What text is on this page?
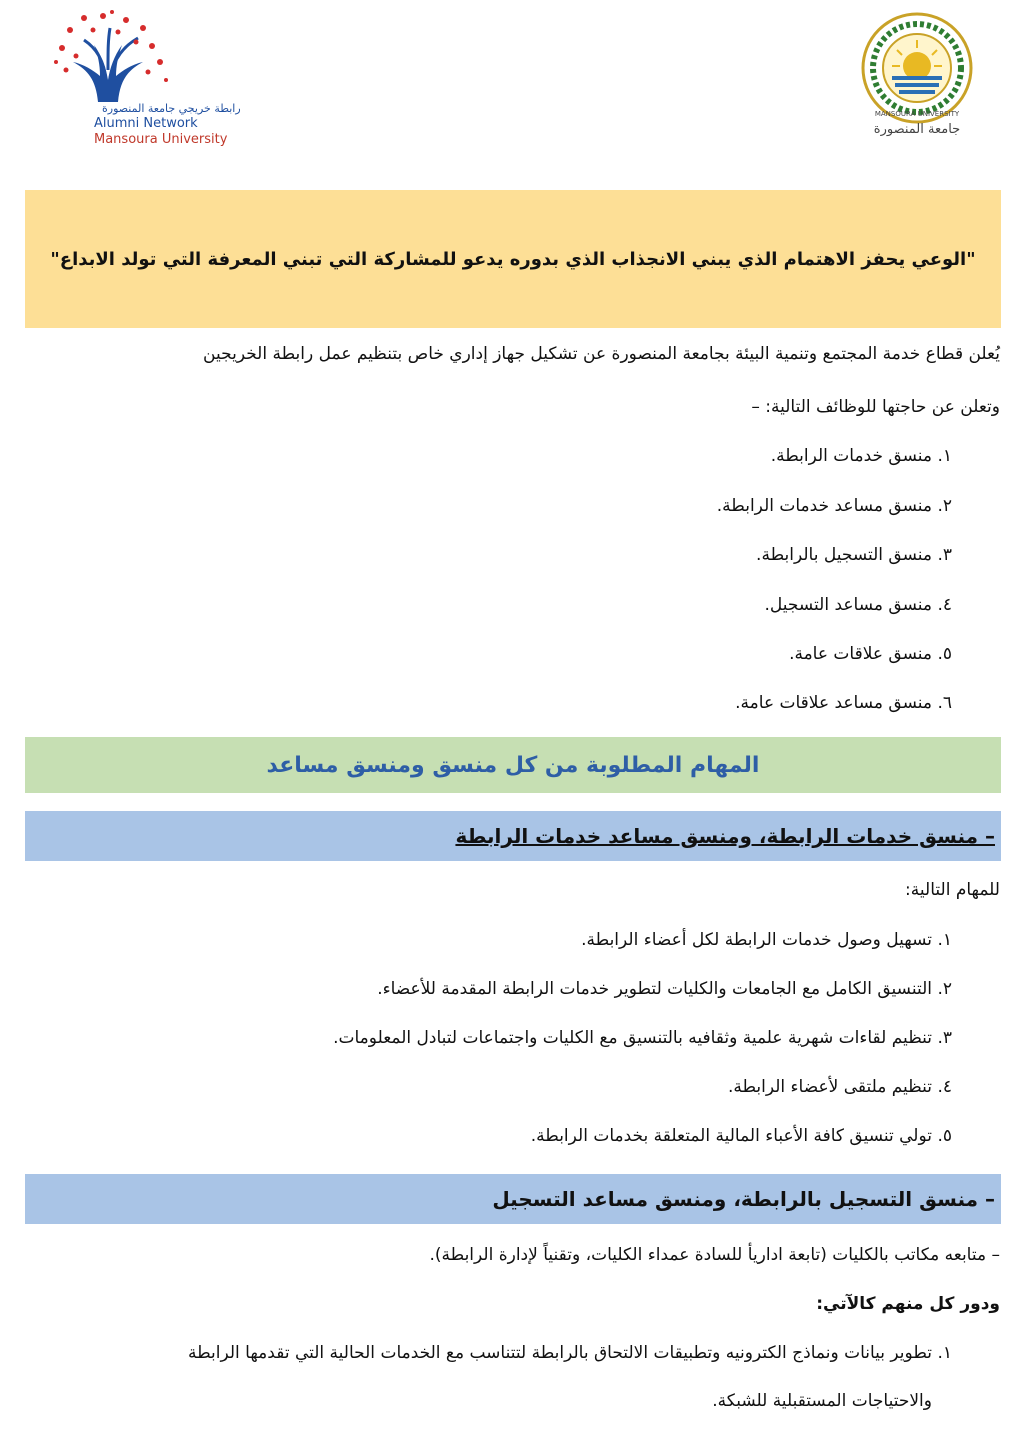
رابطة خريجي جامعة المنصورة
Alumni Network
Mansoura University
MANSOURA UNIVERSITY
جامعة المنصورة
"الوعي يحفز الاهتمام الذي يبني الانجذاب الذي بدوره يدعو للمشاركة التي تبني المعرفة التي تولد الابداع"
يُعلن قطاع خدمة المجتمع وتنمية البيئة بجامعة المنصورة عن تشكيل جهاز إداري خاص بتنظيم عمل رابطة الخريجين
وتعلن عن حاجتها للوظائف التالية: –
منسق خدمات الرابطة. ١.
منسق مساعد خدمات الرابطة. ٢.
منسق التسجيل بالرابطة. ٣.
منسق مساعد التسجيل. ٤.
منسق علاقات عامة. ٥.
منسق مساعد علاقات عامة. ٦.
المهام المطلوبة من كل منسق ومنسق مساعد
– منسق خدمات الرابطة، ومنسق مساعد خدمات الرابطة
للمهام التالية:
تسهيل وصول خدمات الرابطة لكل أعضاء الرابطة. ١.
التنسيق الكامل مع الجامعات والكليات لتطوير خدمات الرابطة المقدمة للأعضاء. ٢.
تنظيم لقاءات شهرية علمية وثقافيه بالتنسيق مع الكليات واجتماعات لتبادل المعلومات. ٣.
تنظيم ملتقى لأعضاء الرابطة. ٤.
تولي تنسيق كافة الأعباء المالية المتعلقة بخدمات الرابطة. ٥.
– منسق التسجيل بالرابطة، ومنسق مساعد التسجيل
– متابعه مكاتب بالكليات (تابعة اداريأ للسادة عمداء الكليات، وتقنياً لإدارة الرابطة).
ودور كل منهم كالآتي:
تطوير بيانات ونماذج الكترونيه وتطبيقات الالتحاق بالرابطة لتتناسب مع الخدمات الحالية التي تقدمها الرابطة ١.
والاحتياجات المستقبلية للشبكة.
